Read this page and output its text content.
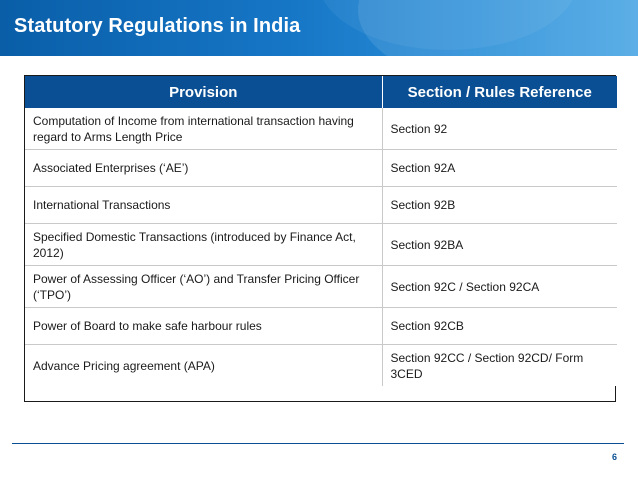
Statutory Regulations in India
Provision	Section / Rules Reference
Computation of Income from international transaction having regard to Arms Length Price	Section 92
Associated Enterprises (‘AE’)	Section 92A
International Transactions	Section 92B
Specified Domestic Transactions (introduced by Finance Act, 2012)	Section 92BA
Power of Assessing Officer (‘AO’) and Transfer Pricing Officer (‘TPO’)	Section 92C / Section 92CA
Power of Board to make safe harbour rules	Section 92CB
Advance Pricing agreement (APA)	Section 92CC / Section 92CD/ Form 3CED
6
